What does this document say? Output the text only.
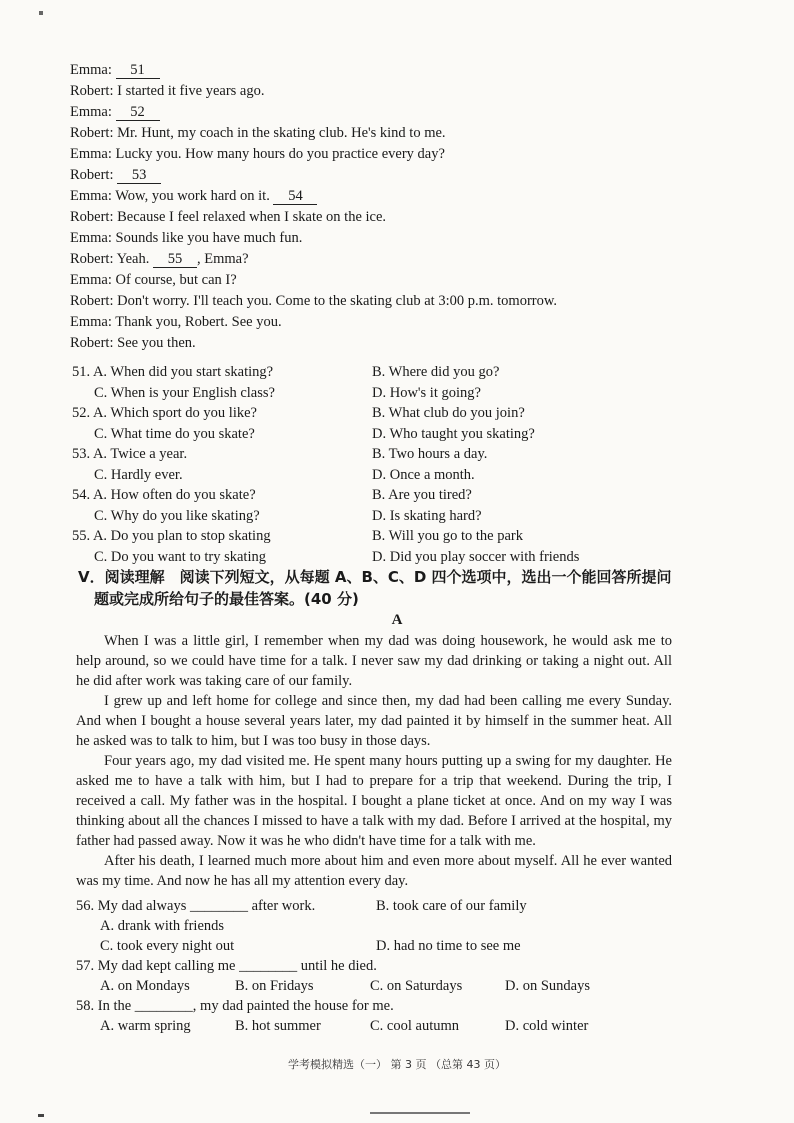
Emma: 51
Robert: I started it five years ago.
Emma: 52
Robert: Mr. Hunt, my coach in the skating club. He's kind to me.
Emma: Lucky you. How many hours do you practice every day?
Robert: 53
Emma: Wow, you work hard on it. 54
Robert: Because I feel relaxed when I skate on the ice.
Emma: Sounds like you have much fun.
Robert: Yeah. 55 , Emma?
Emma: Of course, but can I?
Robert: Don't worry. I'll teach you. Come to the skating club at 3:00 p.m. tomorrow.
Emma: Thank you, Robert. See you.
Robert: See you then.
51. A. When did you start skating?	B. Where did you go?
C. When is your English class?	D. How's it going?
52. A. Which sport do you like?	B. What club do you join?
C. What time do you skate?	D. Who taught you skating?
53. A. Twice a year.	B. Two hours a day.
C. Hardly ever.	D. Once a month.
54. A. How often do you skate?	B. Are you tired?
C. Why do you like skating?	D. Is skating hard?
55. A. Do you plan to stop skating	B. Will you go to the park
C. Do you want to try skating	D. Did you play soccer with friends
V．阅读理解　阅读下列短文，从每题 A、B、C、D 四个选项中，选出一个能回答所提问
题或完成所给句子的最佳答案。(40 分)
A

When I was a little girl, I remember when my dad was doing housework, he would ask me to help around, so we could have time for a talk. I never saw my dad drinking or taking a night out. All he did after work was taking care of our family.

I grew up and left home for college and since then, my dad had been calling me every Sunday. And when I bought a house several years later, my dad painted it by himself in the summer heat. All he asked was to talk to him, but I was too busy in those days.

Four years ago, my dad visited me. He spent many hours putting up a swing for my daughter. He asked me to have a talk with him, but I had to prepare for a trip that weekend. During the trip, I received a call. My father was in the hospital. I bought a plane ticket at once. And on my way I was thinking about all the chances I missed to have a talk with my dad. Before I arrived at the hospital, my father had passed away. Now it was he who didn't have time for a talk with me.

After his death, I learned much more about him and even more about myself. All he ever wanted was my time. And now he has all my attention every day.

56. My dad always ________ after work.	B. took care of our family
A. drank with friends
C. took every night out	D. had no time to see me
57. My dad kept calling me ________ until he died.
A. on Mondays	B. on Fridays	C. on Saturdays	D. on Sundays
58. In the ________, my dad painted the house for me.
A. warm spring	B. hot summer	C. cool autumn	D. cold winter
学考模拟精选（一） 第 3 页 （总第 43 页）
